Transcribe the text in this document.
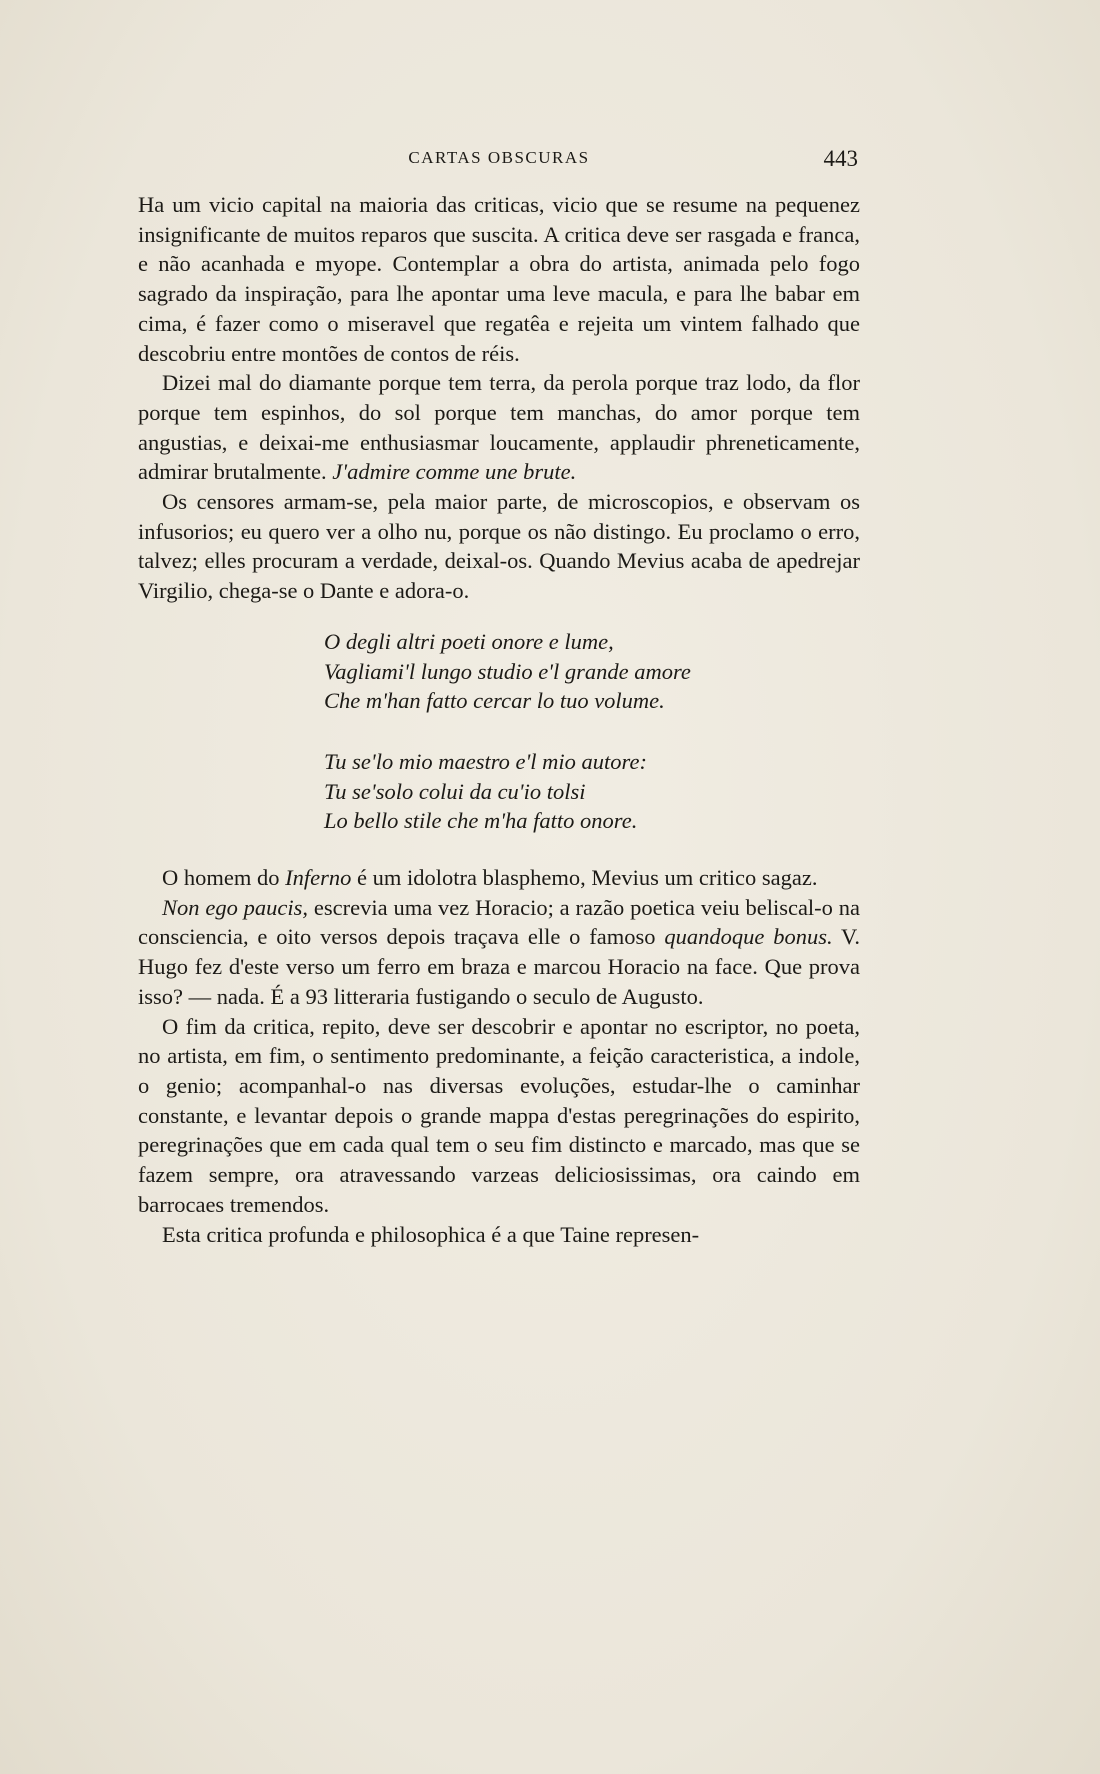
CARTAS OBSCURAS	443

Ha um vicio capital na maioria das criticas, vicio que se resume na pequenez insignificante de muitos reparos que suscita. A critica deve ser rasgada e franca, e não acanhada e myope. Contemplar a obra do artista, animada pelo fogo sagrado da inspiração, para lhe apontar uma leve macula, e para lhe babar em cima, é fazer como o miseravel que regatêa e rejeita um vintem falhado que descobriu entre montões de contos de réis.

Dizei mal do diamante porque tem terra, da perola porque traz lodo, da flor porque tem espinhos, do sol porque tem manchas, do amor porque tem angustias, e deixai-me enthusiasmar loucamente, applaudir phreneticamente, admirar brutalmente. J'admire comme une brute.

Os censores armam-se, pela maior parte, de microscopios, e observam os infusorios; eu quero ver a olho nu, porque os não distingo. Eu proclamo o erro, talvez; elles procuram a verdade, deixal-os. Quando Mevius acaba de apedrejar Virgilio, chega-se o Dante e adora-o.

O degli altri poeti onore e lume,
Vagliami'l lungo studio e'l grande amore
Che m'han fatto cercar lo tuo volume.
Tu se'lo mio maestro e'l mio autore:
Tu se'solo colui da cu'io tolsi
Lo bello stile che m'ha fatto onore.

O homem do Inferno é um idolotra blasphemo, Mevius um critico sagaz.

Non ego paucis, escrevia uma vez Horacio; a razão poetica veiu beliscal-o na consciencia, e oito versos depois traçava elle o famoso quandoque bonus. V. Hugo fez d'este verso um ferro em braza e marcou Horacio na face. Que prova isso? — nada. É a 93 litteraria fustigando o seculo de Augusto.

O fim da critica, repito, deve ser descobrir e apontar no escriptor, no poeta, no artista, em fim, o sentimento predominante, a feição caracteristica, a indole, o genio; acompanhal-o nas diversas evoluções, estudar-lhe o caminhar constante, e levantar depois o grande mappa d'estas peregrinações do espirito, peregrinações que em cada qual tem o seu fim distincto e marcado, mas que se fazem sempre, ora atravessando varzeas deliciosissimas, ora caindo em barrocaes tremendos.

Esta critica profunda e philosophica é a que Taine represen-
